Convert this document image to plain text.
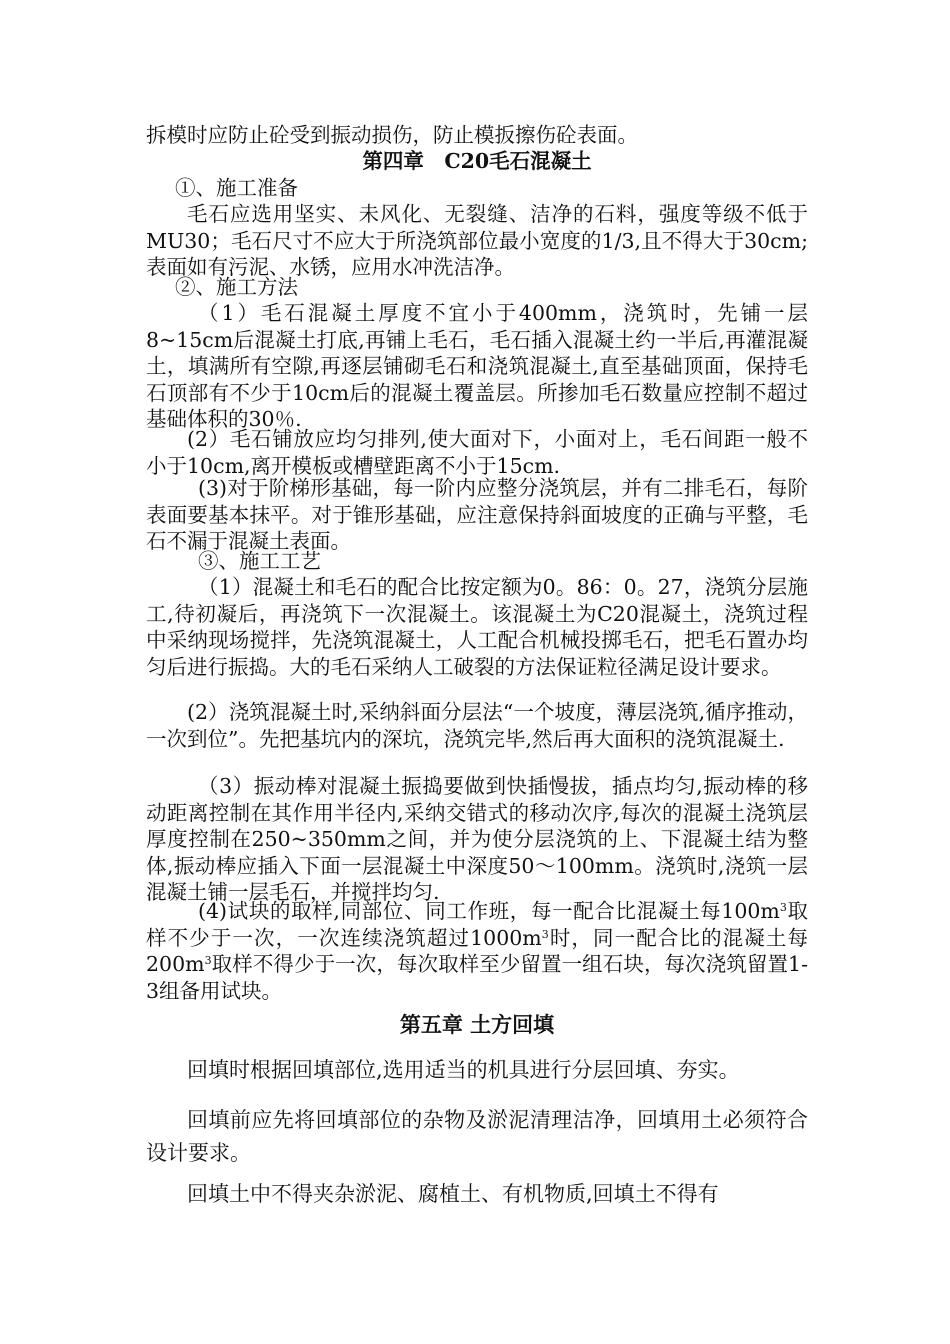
拆模时应防止砼受到振动损伤，防止模扳擦伤砼表面。

第四章　C20毛石混凝土

①、施工准备

毛石应选用坚实、未风化、无裂缝、洁净的石料，强度等级不低于MU30；毛石尺寸不应大于所浇筑部位最小宽度的1/3,且不得大于30cm;表面如有污泥、水锈，应用水冲洗洁净。

②、施工方法

（1）毛石混凝土厚度不宜小于400mm，浇筑时，先铺一层8~15cm后混凝土打底,再铺上毛石，毛石插入混凝土约一半后,再灌混凝土，填满所有空隙,再逐层铺砌毛石和浇筑混凝土,直至基础顶面，保持毛石顶部有不少于10cm后的混凝土覆盖层。所掺加毛石数量应控制不超过基础体积的30％.

(2）毛石铺放应均匀排列,使大面对下，小面对上，毛石间距一般不小于10cm,离开模板或槽壁距离不小于15cm.

(3)对于阶梯形基础，每一阶内应整分浇筑层，并有二排毛石，每阶表面要基本抹平。对于锥形基础，应注意保持斜面坡度的正确与平整，毛石不漏于混凝土表面。

③、施工工艺

（1）混凝土和毛石的配合比按定额为0。86：0。27，浇筑分层施工,待初凝后，再浇筑下一次混凝土。该混凝土为C20混凝土，浇筑过程中采纳现场搅拌，先浇筑混凝土，人工配合机械投掷毛石，把毛石置办均匀后进行振捣。大的毛石采纳人工破裂的方法保证粒径满足设计要求。

(2）浇筑混凝土时,采纳斜面分层法“一个坡度，薄层浇筑,循序推动，一次到位”。先把基坑内的深坑，浇筑完毕,然后再大面积的浇筑混凝土.

（3）振动棒对混凝土振捣要做到快插慢拔，插点均匀,振动棒的移动距离控制在其作用半径内,采纳交错式的移动次序,每次的混凝土浇筑层厚度控制在250~350mm之间，并为使分层浇筑的上、下混凝土结为整体,振动棒应插入下面一层混凝土中深度50～100mm。浇筑时,浇筑一层混凝土铺一层毛石，并搅拌均匀.

(4)试块的取样,同部位、同工作班，每一配合比混凝土每$100m^3$取样不少于一次，一次连续浇筑超过$1000m^3$时，同一配合比的混凝土每$200m^3$取样不得少于一次，每次取样至少留置一组石块，每次浇筑留置1-3组备用试块。

第五章 土方回填

回填时根据回填部位,选用适当的机具进行分层回填、夯实。

回填前应先将回填部位的杂物及淤泥清理洁净，回填用土必须符合设计要求。

回填土中不得夹杂淤泥、腐植土、有机物质,回填土不得有
